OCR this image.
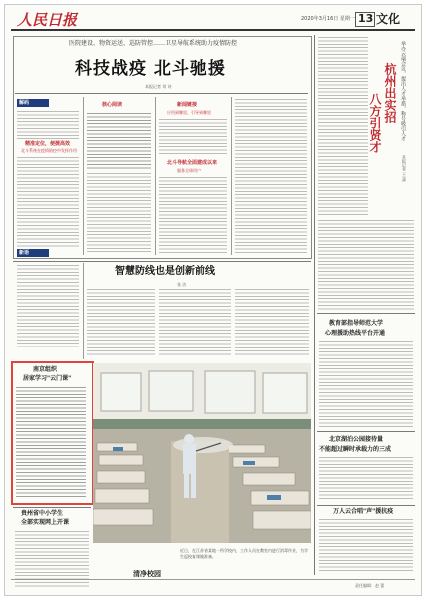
人民日报	2020年3月16日 星期一 13 文化
医院建设、物资运送、巡防管控……卫星导航系统助力疫情防控
科技战疫 北斗驰援
本报记者 刘 诗
解码
精准定位，便捷高效
北斗系统在疫情防控中发挥作用
新语
核心阅读	新闻链接
应用到哪里，引导到哪里
北斗导航全面建成以来
服务全球用户
举办云端会议，提出人才举措，称号吸引人才
杭州出实招
八方引贤才
本报记者 王 潇
智慧防线也是创新前线
张 洁
南京组织
居家学习"云门课"
清净校园
近日，在江苏省某地一所学校内，工作人员在教室内进行消毒作业，为学生返校复课做准备。
贵州省中小学生
全部实现网上开课
教育部指导师范大学
心理援助热线平台开通
北京湖泊公园接待量
不能超过瞬时承载力的三成
万人云合唱"声"援抗疫
责任编辑：赵 蕾
